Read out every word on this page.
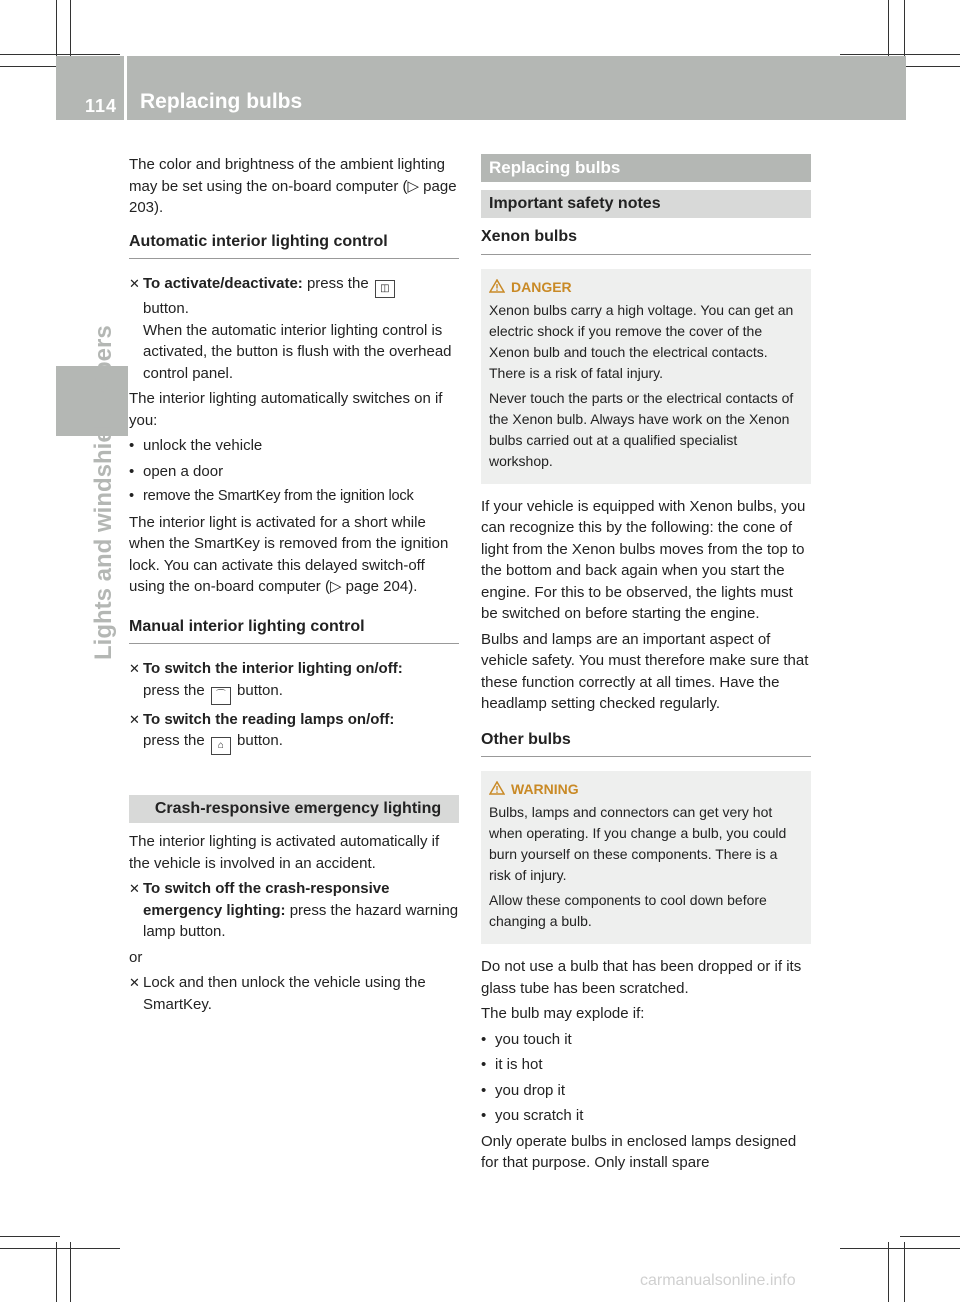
114 Replacing bulbs
Lights and windshield wipers

The color and brightness of the ambient lighting may be set using the on-board computer (▷ page 203).

Automatic interior lighting control
✕ To activate/deactivate: press the ◫
button.
When the automatic interior lighting control is activated, the button is flush with the overhead control panel.

The interior lighting automatically switches on if you:

• unlock the vehicle
• open a door
• remove the SmartKey from the ignition lock

The interior light is activated for a short while when the SmartKey is removed from the ignition lock. You can activate this delayed switch-off using the on-board computer (▷ page 204).

Manual interior lighting control
✕ To switch the interior lighting on/off:
press the ⌒ button.
✕ To switch the reading lamps on/off:
press the ⌂ button.
Crash-responsive emergency lighting

The interior lighting is activated automatically if the vehicle is involved in an accident.

✕ To switch off the crash-responsive emergency lighting: press the hazard warning lamp button.

or

✕ Lock and then unlock the vehicle using the SmartKey.
Replacing bulbs
Important safety notes
Xenon bulbs
DANGER

Xenon bulbs carry a high voltage. You can get an electric shock if you remove the cover of the Xenon bulb and touch the electrical contacts. There is a risk of fatal injury.

Never touch the parts or the electrical contacts of the Xenon bulb. Always have work on the Xenon bulbs carried out at a qualified specialist workshop.

If your vehicle is equipped with Xenon bulbs, you can recognize this by the following: the cone of light from the Xenon bulbs moves from the top to the bottom and back again when you start the engine. For this to be observed, the lights must be switched on before starting the engine.

Bulbs and lamps are an important aspect of vehicle safety. You must therefore make sure that these function correctly at all times. Have the headlamp setting checked regularly.

Other bulbs
WARNING

Bulbs, lamps and connectors can get very hot when operating. If you change a bulb, you could burn yourself on these components. There is a risk of injury.

Allow these components to cool down before changing a bulb.

Do not use a bulb that has been dropped or if its glass tube has been scratched.

The bulb may explode if:

• you touch it
• it is hot
• you drop it
• you scratch it

Only operate bulbs in enclosed lamps designed for that purpose. Only install spare

carmanualsonline.info
